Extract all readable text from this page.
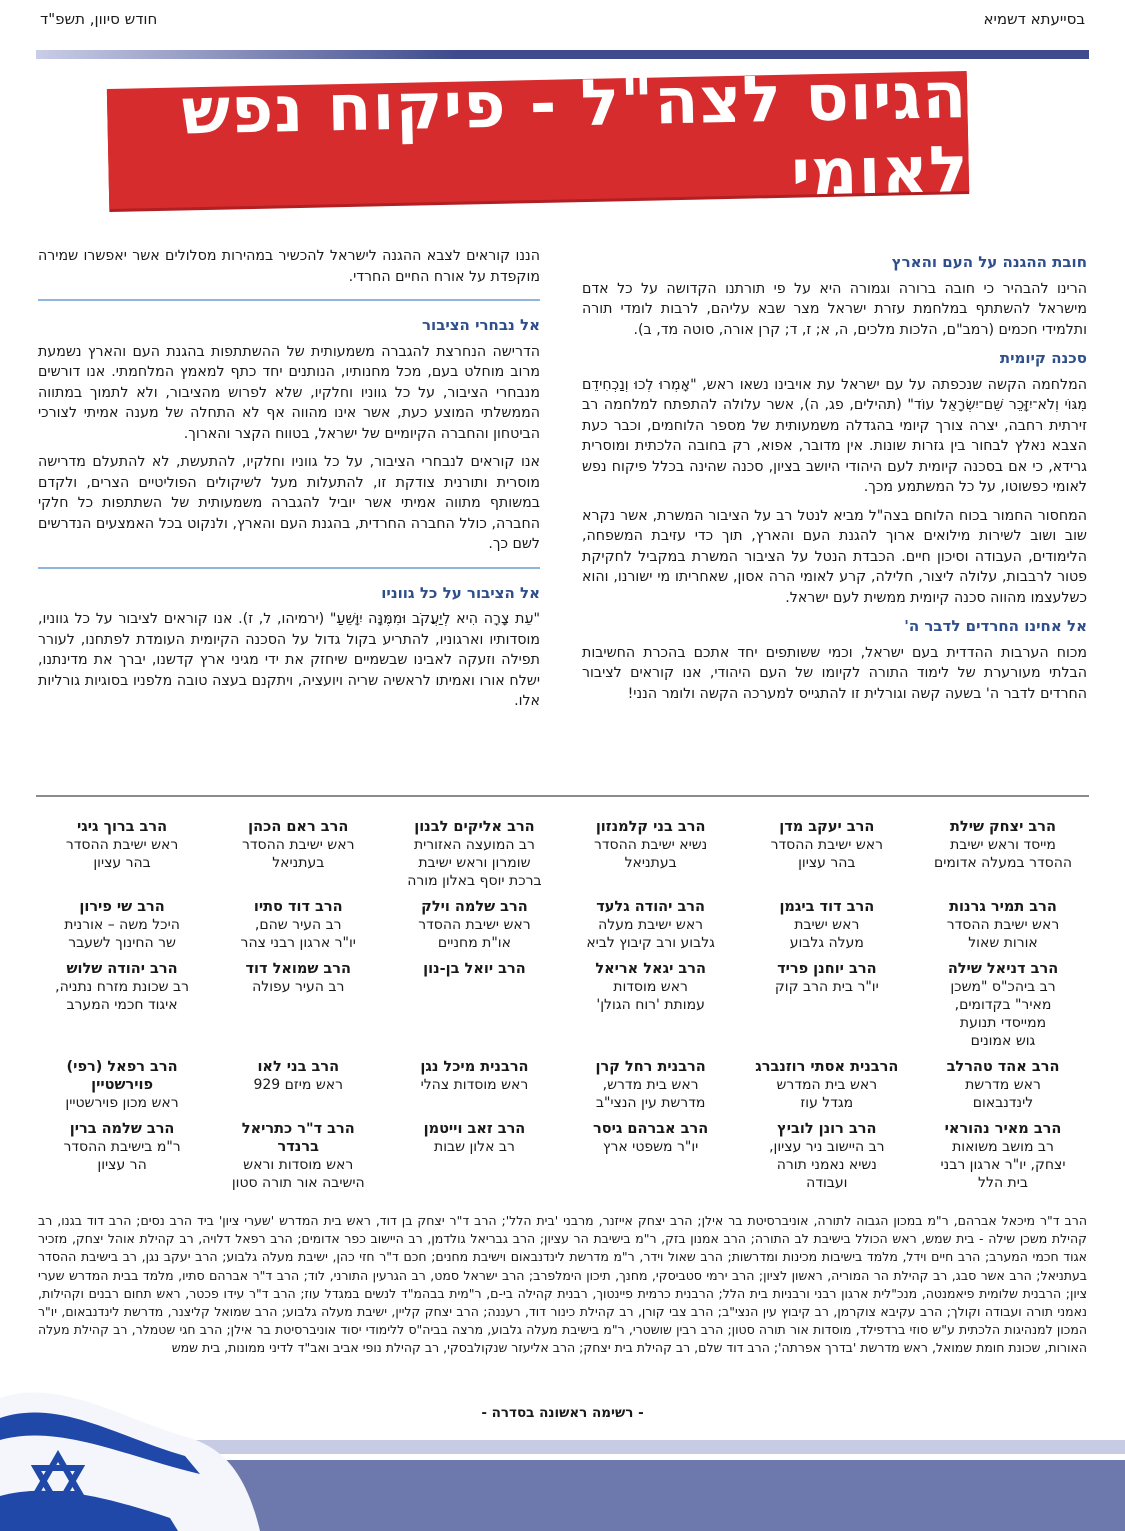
בסייעתא דשמיא
חודש סיוון, תשפ"ד
הגיוס לצה"ל - פיקוח נפש לאומי
חובת ההגנה על העם והארץ

הרינו להבהיר כי חובה ברורה וגמורה היא על פי תורתנו הקדושה על כל אדם מישראל להשתתף במלחמת עזרת ישראל מצר שבא עליהם, לרבות לומדי תורה ותלמידי חכמים (רמב"ם, הלכות מלכים, ה, א; ז, ד; קרן אורה, סוטה מד, ב).

סכנה קיומית

המלחמה הקשה שנכפתה על עם ישראל עת אויבינו נשאו ראש, "אָמְרוּ לְכוּ וְנַכְחִידֵם מִגּוֹי וְלֹא־יִזָּכֵר שֵׁם־יִשְׂרָאֵל עוֹד" (תהילים, פג, ה), אשר עלולה להתפתח למלחמה רב זירתית רחבה, יצרה צורך קיומי בהגדלה משמעותית של מספר הלוחמים, וכבר כעת הצבא נאלץ לבחור בין גזרות שונות. אין מדובר, אפוא, רק בחובה הלכתית ומוסרית גרידא, כי אם בסכנה קיומית לעם היהודי היושב בציון, סכנה שהינה בכלל פיקוח נפש לאומי כפשוטו, על כל המשתמע מכך.

המחסור החמור בכוח הלוחם בצה"ל מביא לנטל רב על הציבור המשרת, אשר נקרא שוב ושוב לשירות מילואים ארוך להגנת העם והארץ, תוך כדי עזיבת המשפחה, הלימודים, העבודה וסיכון חיים. הכבדת הנטל על הציבור המשרת במקביל לחקיקת פטור לרבבות, עלולה ליצור, חלילה, קרע לאומי הרה אסון, שאחריתו מי ישורנו, והוא כשלעצמו מהווה סכנה קיומית ממשית לעם ישראל.

אל אחינו החרדים לדבר ה'

מכוח הערבות ההדדית בעם ישראל, וכמי ששותפים יחד אתכם בהכרת החשיבות הבלתי מעורערת של לימוד התורה לקיומו של העם היהודי, אנו קוראים לציבור החרדים לדבר ה' בשעה קשה וגורלית זו להתגייס למערכה הקשה ולומר הנני!

הננו קוראים לצבא ההגנה לישראל להכשיר במהירות מסלולים אשר יאפשרו שמירה מוקפדת על אורח החיים החרדי.

אל נבחרי הציבור

הדרישה הנחרצת להגברה משמעותית של ההשתתפות בהגנת העם והארץ נשמעת מרוב מוחלט בעם, מכל מחנותיו, הנותנים יחד כתף למאמץ המלחמתי. אנו דורשים מנבחרי הציבור, על כל גווניו וחלקיו, שלא לפרוש מהציבור, ולא לתמוך במתווה הממשלתי המוצע כעת, אשר אינו מהווה אף לא התחלה של מענה אמיתי לצורכי הביטחון והחברה הקיומיים של ישראל, בטווח הקצר והארוך.

אנו קוראים לנבחרי הציבור, על כל גווניו וחלקיו, להתעשת, לא להתעלם מדרישה מוסרית ותורנית צודקת זו, להתעלות מעל לשיקולים הפוליטיים הצרים, ולקדם במשותף מתווה אמיתי אשר יוביל להגברה משמעותית של השתתפות כל חלקי החברה, כולל החברה החרדית, בהגנת העם והארץ, ולנקוט בכל האמצעים הנדרשים לשם כך.

אל הציבור על כל גווניו

"עֵת צָרָה הִיא לְיַעֲקֹב וּמִמֶּנָּה יִוָּשֵׁעַ" (ירמיהו, ל, ז). אנו קוראים לציבור על כל גווניו, מוסדותיו וארגוניו, להתריע בקול גדול על הסכנה הקיומית העומדת לפתחנו, לעורר תפילה וזעקה לאבינו שבשמיים שיחזק את ידי מגיני ארץ קדשנו, יברך את מדינתנו, ישלח אורו ואמיתו לראשיה שריה ויועציה, ויתקנם בעצה טובה מלפניו בסוגיות גורליות אלו.

הרב יצחק שילת
מייסד וראש ישיבת
ההסדר במעלה אדומים
הרב יעקב מדן
ראש ישיבת ההסדר
בהר עציון
הרב בני קלמנזון
נשיא ישיבת ההסדר
בעתניאל
הרב אליקים לבנון
רב המועצה האזורית
שומרון וראש ישיבת
ברכת יוסף באלון מורה
הרב ראם הכהן
ראש ישיבת ההסדר
בעתניאל
הרב ברוך גיגי
ראש ישיבת ההסדר
בהר עציון
הרב תמיר גרנות
ראש ישיבת ההסדר
אורות שאול
הרב דוד ביגמן
ראש ישיבת
מעלה גלבוע
הרב יהודה גלעד
ראש ישיבת מעלה
גלבוע ורב קיבוץ לביא
הרב שלמה וילק
ראש ישיבת ההסדר
או"ת מחניים
הרב דוד סתיו
רב העיר שהם,
יו"ר ארגון רבני צהר
הרב שי פירון
היכל משה – אורנית
שר החינוך לשעבר
הרב דניאל שילה
רב ביהכ"ס "משכן
מאיר" בקדומים,
ממייסדי תנועת
גוש אמונים
הרב יוחנן פריד
יו"ר בית הרב קוק
הרב יגאל אריאל
ראש מוסדות
עמותת 'רוח הגולן'
הרב יואל בן-נון
הרב שמואל דוד
רב העיר עפולה
הרב יהודה שלוש
רב שכונת מזרח נתניה,
איגוד חכמי המערב
הרב אהד טהרלב
ראש מדרשת
לינדנבאום
הרבנית אסתי רוזנברג
ראש בית המדרש
מגדל עוז
הרבנית רחל קרן
ראש בית מדרש,
מדרשת עין הנצי"ב
הרבנית מיכל נגן
ראש מוסדות צהלי
הרב בני לאו
ראש מיזם 929
הרב רפאל (רפי)
פוירשטיין
ראש מכון פוירשטיין
הרב מאיר נהוראי
רב מושב משואות
יצחק, יו"ר ארגון רבני
בית הלל
הרב רונן לוביץ
רב היישוב ניר עציון,
נשיא נאמני תורה
ועבודה
הרב אברהם גיסר
יו"ר משפטי ארץ
הרב זאב וייטמן
רב אלון שבות
הרב ד"ר כתריאל
ברנדר
ראש מוסדות וראש
הישיבה אור תורה סטון
הרב שלמה ברין
ר"מ בישיבת ההסדר
הר עציון
הרב ד"ר מיכאל אברהם, ר"מ במכון הגבוה לתורה, אוניברסיטת בר אילן; הרב יצחק אייזנר, מרבני 'בית הלל'; הרב ד"ר יצחק בן דוד, ראש בית המדרש 'שערי ציון' ביד הרב נסים; הרב דוד בגנו, רב קהילת משכן שילה - בית שמש, ראש הכולל בישיבת לב התורה; הרב אמנון בזק, ר"מ בישיבת הר עציון; הרב גבריאל גולדמן, רב היישוב כפר אדומים; הרב רפאל דלויה, רב קהילת אוהל יצחק, מזכיר אגוד חכמי המערב; הרב חיים וידל, מלמד בישיבות מכינות ומדרשות; הרב שאול וידר, ר"מ מדרשת לינדנבאום וישיבת מחנים; חכם ד"ר חזי כהן, ישיבת מעלה גלבוע; הרב יעקב נגן, רב בישיבת ההסדר בעתניאל; הרב אשר סבג, רב קהילת הר המוריה, ראשון לציון; הרב ירמי סטביסקי, מחנך, תיכון הימלפרב; הרב ישראל סמט, רב הגרעין התורני, לוד; הרב ד"ר אברהם סתיו, מלמד בבית המדרש שערי ציון; הרבנית שלומית פיאמנטה, מנכ"לית ארגון רבני ורבניות בית הלל; הרבנית כרמית פיינטוך, רבנית קהילה בי-ם, ר"מית בבהמ"ד לנשים במגדל עוז; הרב ד"ר עידו פכטר, ראש תחום רבנים וקהילות, נאמני תורה ועבודה וקולך; הרב עקיבא צוקרמן, רב קיבוץ עין הנצי"ב; הרב צבי קורן, רב קהילת כינור דוד, רעננה; הרב יצחק קליין, ישיבת מעלה גלבוע; הרב שמואל קליצנר, מדרשת לינדנבאום, יו"ר המכון למנהיגות הלכתית ע"ש סוזי ברדפילד, מוסדות אור תורה סטון; הרב רבין שושטרי, ר"מ בישיבת מעלה גלבוע, מרצה בביה"ס ללימודי יסוד אוניברסיטת בר אילן; הרב חגי שטמלר, רב קהילת מעלה האורות, שכונת חומת שמואל, ראש מדרשת 'בדרך אפרתה'; הרב דוד שלם, רב קהילת בית יצחק; הרב אליעזר שנקולבסקי, רב קהילת נופי אביב ואב"ד לדיני ממונות, בית שמש
- רשימה ראשונה בסדרה -
